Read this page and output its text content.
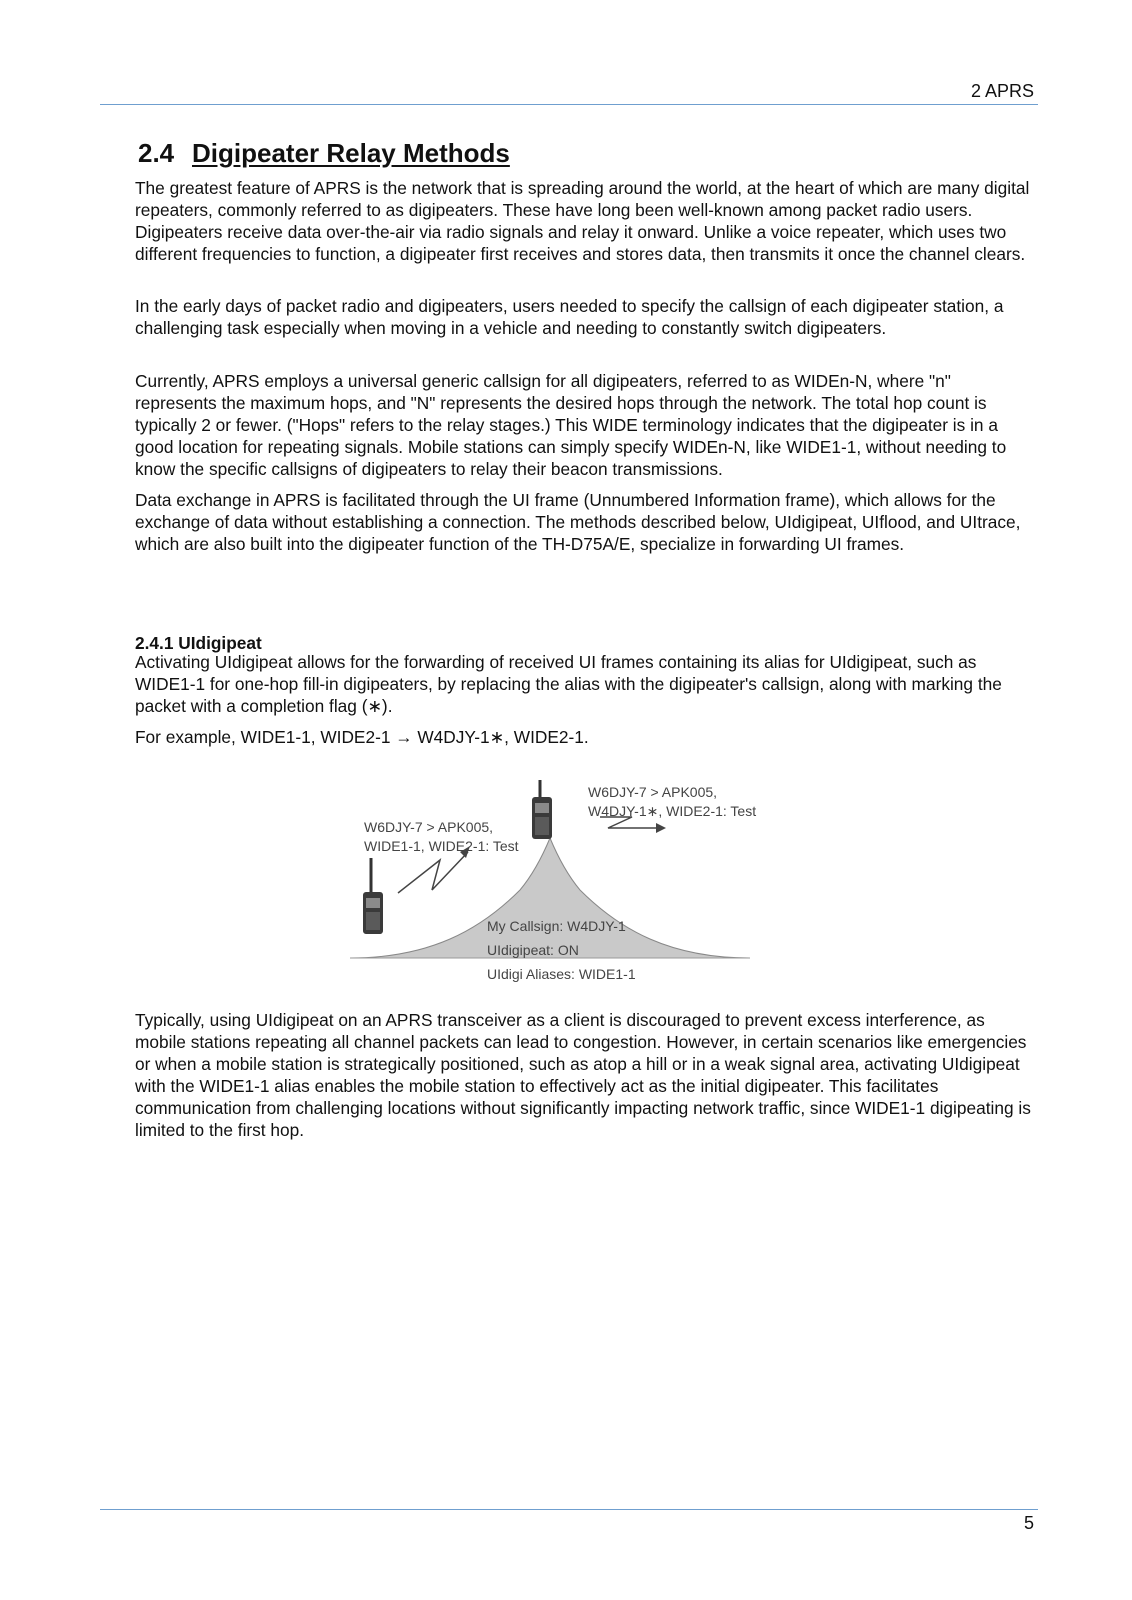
2 APRS
2.4 Digipeater Relay Methods

The greatest feature of APRS is the network that is spreading around the world, at the heart of which are many digital repeaters, commonly referred to as digipeaters. These have long been well-known among packet radio users. Digipeaters receive data over-the-air via radio signals and relay it onward. Unlike a voice repeater, which uses two different frequencies to function, a digipeater first receives and stores data, then transmits it once the channel clears.

In the early days of packet radio and digipeaters, users needed to specify the callsign of each digipeater station, a challenging task especially when moving in a vehicle and needing to constantly switch digipeaters.

Currently, APRS employs a universal generic callsign for all digipeaters, referred to as WIDEn-N, where "n" represents the maximum hops, and "N" represents the desired hops through the network. The total hop count is typically 2 or fewer. ("Hops" refers to the relay stages.) This WIDE terminology indicates that the digipeater is in a good location for repeating signals. Mobile stations can simply specify WIDEn-N, like WIDE1-1, without needing to know the specific callsigns of digipeaters to relay their beacon transmissions.

Data exchange in APRS is facilitated through the UI frame (Unnumbered Information frame), which allows for the exchange of data without establishing a connection. The methods described below, UIdigipeat, UIflood, and UItrace, which are also built into the digipeater function of the TH-D75A/E, specialize in forwarding UI frames.

2.4.1 UIdigipeat

Activating UIdigipeat allows for the forwarding of received UI frames containing its alias for UIdigipeat, such as WIDE1-1 for one-hop fill-in digipeaters, by replacing the alias with the digipeater's callsign, along with marking the packet with a completion flag (∗).

For example, WIDE1-1, WIDE2-1 → W4DJY-1∗, WIDE2-1.

W6DJY-7 > APK005,
W4DJY-1∗, WIDE2-1: Test
W6DJY-7 > APK005,
WIDE1-1, WIDE2-1: Test
My Callsign: W4DJY-1
UIdigipeat: ON
UIdigi Aliases: WIDE1-1

Typically, using UIdigipeat on an APRS transceiver as a client is discouraged to prevent excess interference, as mobile stations repeating all channel packets can lead to congestion. However, in certain scenarios like emergencies or when a mobile station is strategically positioned, such as atop a hill or in a weak signal area, activating UIdigipeat with the WIDE1-1 alias enables the mobile station to effectively act as the initial digipeater. This facilitates communication from challenging locations without significantly impacting network traffic, since WIDE1-1 digipeating is limited to the first hop.

5
